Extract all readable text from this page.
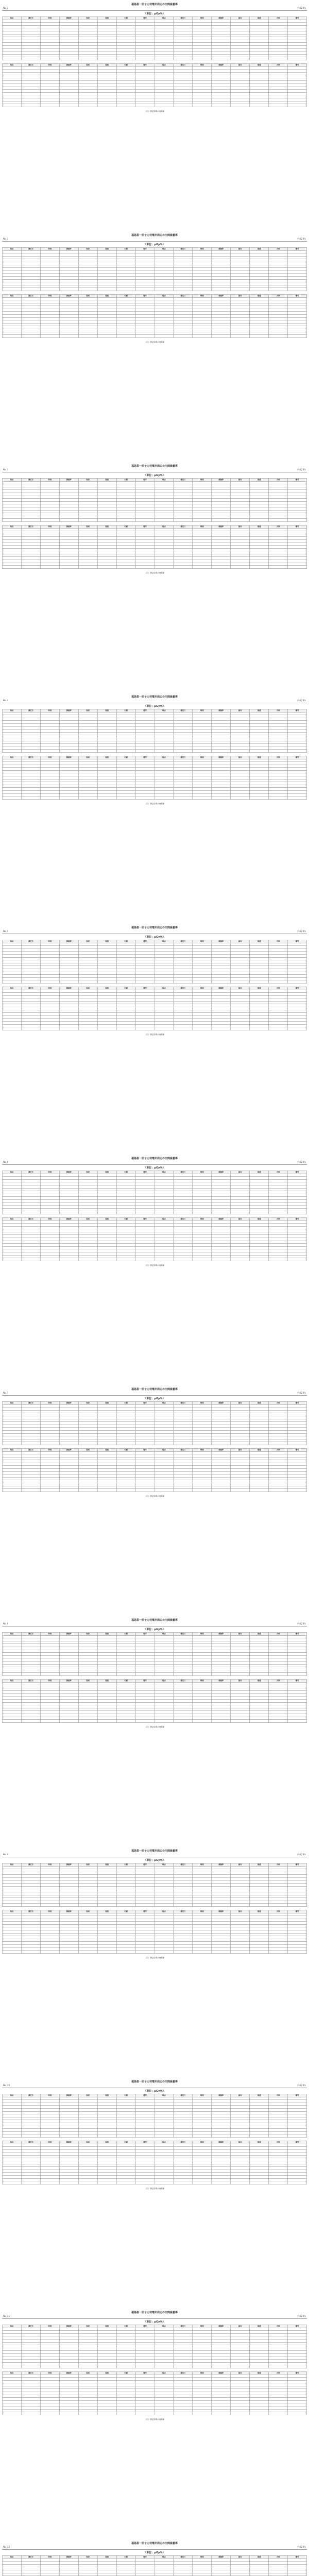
福島第一原子力発電所周辺の空間線量率
No. 1	平成23年
（単位：μGy/h）
地点	測定日	時刻	線量率	風向	風速	天候	備考	地点	測定日	時刻	線量率	風向	風速	天候	備考

地点	測定日	時刻	線量率	風向	風速	天候	備考	地点	測定日	時刻	線量率	風向	風速	天候	備考

（注）測定結果は速報値
福島第一原子力発電所周辺の空間線量率
No. 2	平成23年
（単位：μGy/h）
地点	測定日	時刻	線量率	風向	風速	天候	備考	地点	測定日	時刻	線量率	風向	風速	天候	備考

地点	測定日	時刻	線量率	風向	風速	天候	備考	地点	測定日	時刻	線量率	風向	風速	天候	備考

（注）測定結果は速報値
福島第一原子力発電所周辺の空間線量率
No. 3	平成23年
（単位：μGy/h）
地点	測定日	時刻	線量率	風向	風速	天候	備考	地点	測定日	時刻	線量率	風向	風速	天候	備考

地点	測定日	時刻	線量率	風向	風速	天候	備考	地点	測定日	時刻	線量率	風向	風速	天候	備考

（注）測定結果は速報値
福島第一原子力発電所周辺の空間線量率
No. 4	平成23年
（単位：μGy/h）
地点	測定日	時刻	線量率	風向	風速	天候	備考	地点	測定日	時刻	線量率	風向	風速	天候	備考

地点	測定日	時刻	線量率	風向	風速	天候	備考	地点	測定日	時刻	線量率	風向	風速	天候	備考

（注）測定結果は速報値
福島第一原子力発電所周辺の空間線量率
No. 5	平成23年
（単位：μGy/h）
地点	測定日	時刻	線量率	風向	風速	天候	備考	地点	測定日	時刻	線量率	風向	風速	天候	備考

地点	測定日	時刻	線量率	風向	風速	天候	備考	地点	測定日	時刻	線量率	風向	風速	天候	備考

（注）測定結果は速報値
福島第一原子力発電所周辺の空間線量率
No. 6	平成23年
（単位：μGy/h）
地点	測定日	時刻	線量率	風向	風速	天候	備考	地点	測定日	時刻	線量率	風向	風速	天候	備考

地点	測定日	時刻	線量率	風向	風速	天候	備考	地点	測定日	時刻	線量率	風向	風速	天候	備考

（注）測定結果は速報値
福島第一原子力発電所周辺の空間線量率
No. 7	平成23年
（単位：μGy/h）
地点	測定日	時刻	線量率	風向	風速	天候	備考	地点	測定日	時刻	線量率	風向	風速	天候	備考

地点	測定日	時刻	線量率	風向	風速	天候	備考	地点	測定日	時刻	線量率	風向	風速	天候	備考

（注）測定結果は速報値
福島第一原子力発電所周辺の空間線量率
No. 8	平成23年
（単位：μGy/h）
地点	測定日	時刻	線量率	風向	風速	天候	備考	地点	測定日	時刻	線量率	風向	風速	天候	備考

地点	測定日	時刻	線量率	風向	風速	天候	備考	地点	測定日	時刻	線量率	風向	風速	天候	備考

（注）測定結果は速報値
福島第一原子力発電所周辺の空間線量率
No. 9	平成23年
（単位：μGy/h）
地点	測定日	時刻	線量率	風向	風速	天候	備考	地点	測定日	時刻	線量率	風向	風速	天候	備考

地点	測定日	時刻	線量率	風向	風速	天候	備考	地点	測定日	時刻	線量率	風向	風速	天候	備考

（注）測定結果は速報値
福島第一原子力発電所周辺の空間線量率
No. 10	平成23年
（単位：μGy/h）
地点	測定日	時刻	線量率	風向	風速	天候	備考	地点	測定日	時刻	線量率	風向	風速	天候	備考

地点	測定日	時刻	線量率	風向	風速	天候	備考	地点	測定日	時刻	線量率	風向	風速	天候	備考

（注）測定結果は速報値
福島第一原子力発電所周辺の空間線量率
No. 11	平成23年
（単位：μGy/h）
地点	測定日	時刻	線量率	風向	風速	天候	備考	地点	測定日	時刻	線量率	風向	風速	天候	備考

地点	測定日	時刻	線量率	風向	風速	天候	備考	地点	測定日	時刻	線量率	風向	風速	天候	備考

（注）測定結果は速報値
福島第一原子力発電所周辺の空間線量率
No. 12	平成23年
（単位：μGy/h）
地点	測定日	時刻	線量率	風向	風速	天候	備考	地点	測定日	時刻	線量率	風向	風速	天候	備考
